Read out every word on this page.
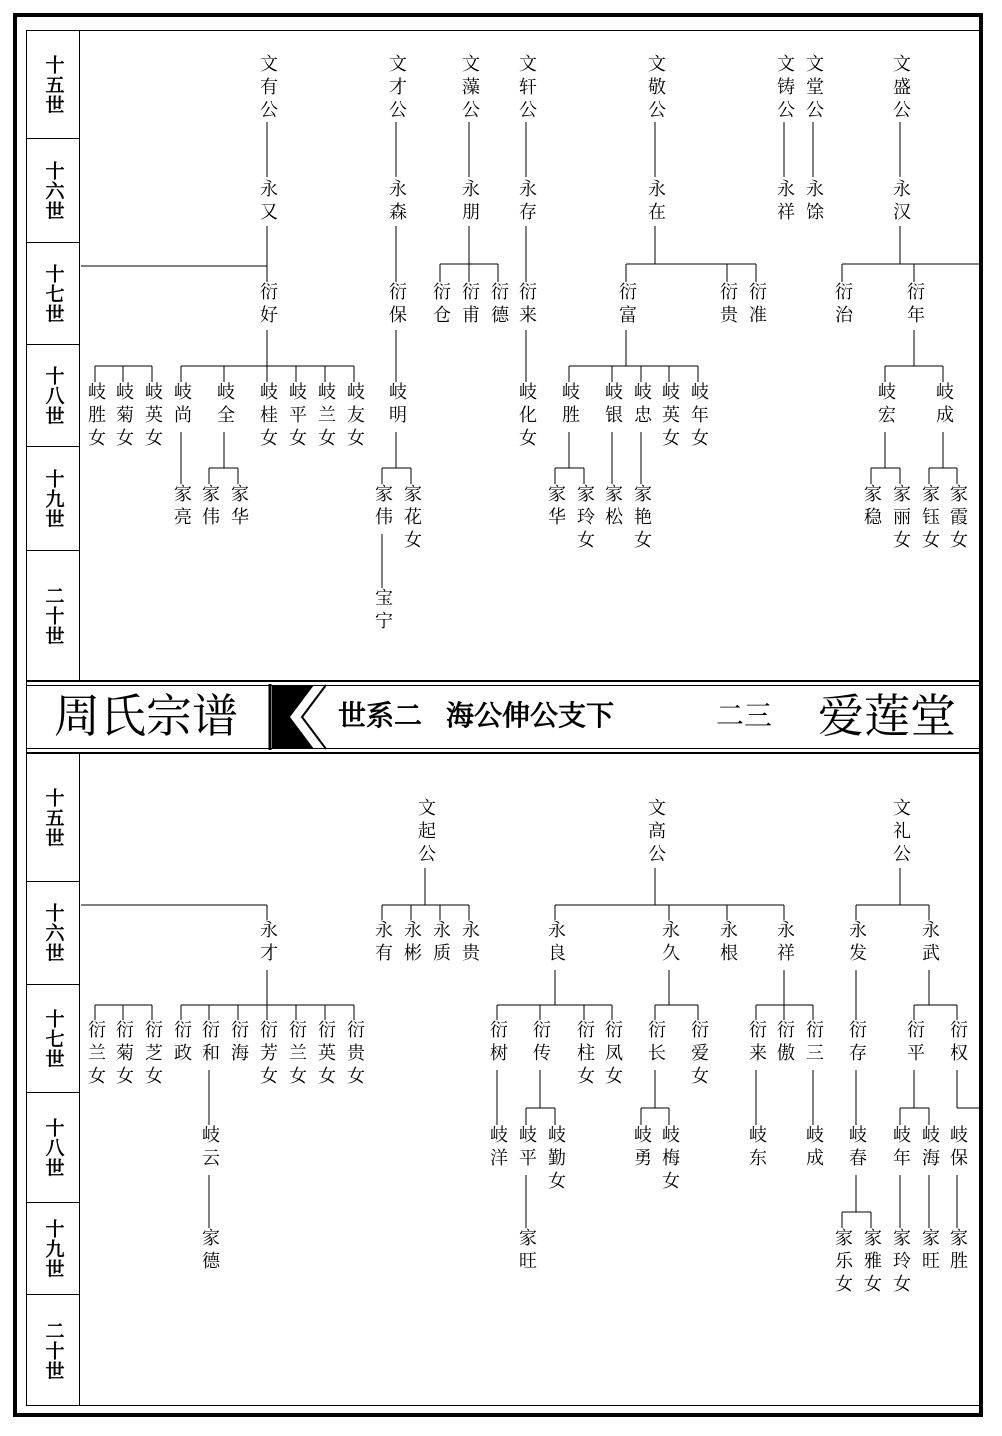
十五世
十六世
十七世
十八世
十九世
二十世
十五世
十六世
十七世
十八世
十九世
二十世
周氏宗谱	世系二 海公伸公支下	二三 爱莲堂
文有公	文才公	文藻公 文轩公	文敬公	文铸公 文堂公	文盛公
永又	永森	永朋 永存	永在	永祥 永馀	永汉
衍好	衍保 衍仓 衍甫 衍德 衍来	衍富	衍贵 衍准	衍治	衍年
岐胜女 岐菊女 岐英女 岐尚 岐全 岐桂女 岐平女 岐兰女 岐友女 岐明	岐化女 岐胜 岐银 岐忠 岐英女 岐年女	岐宏 岐成
家亮 家伟 家华	家伟 家花女	家华 家玲女 家松 家艳女	家稳 家丽女 家钰女 家霞女
宝宁
文起公	文高公	文礼公
永才	永有 永彬 永质 永贵	永良	永久 永根 永祥	永发	永武
衍兰女 衍菊女 衍芝女 衍政 衍和 衍海 衍芳女 衍兰女 衍英女 衍贵女	衍树 衍传 衍柱女 衍凤女 衍长 衍爱女 衍来 衍傲 衍三 衍存 衍平 衍权
岐云	岐洋 岐平 岐勤女	岐勇 岐梅女	岐东 岐成 岐春 岐年 岐海 岐保
家德	家旺	家乐女 家雅女 家玲女 家旺 家胜
